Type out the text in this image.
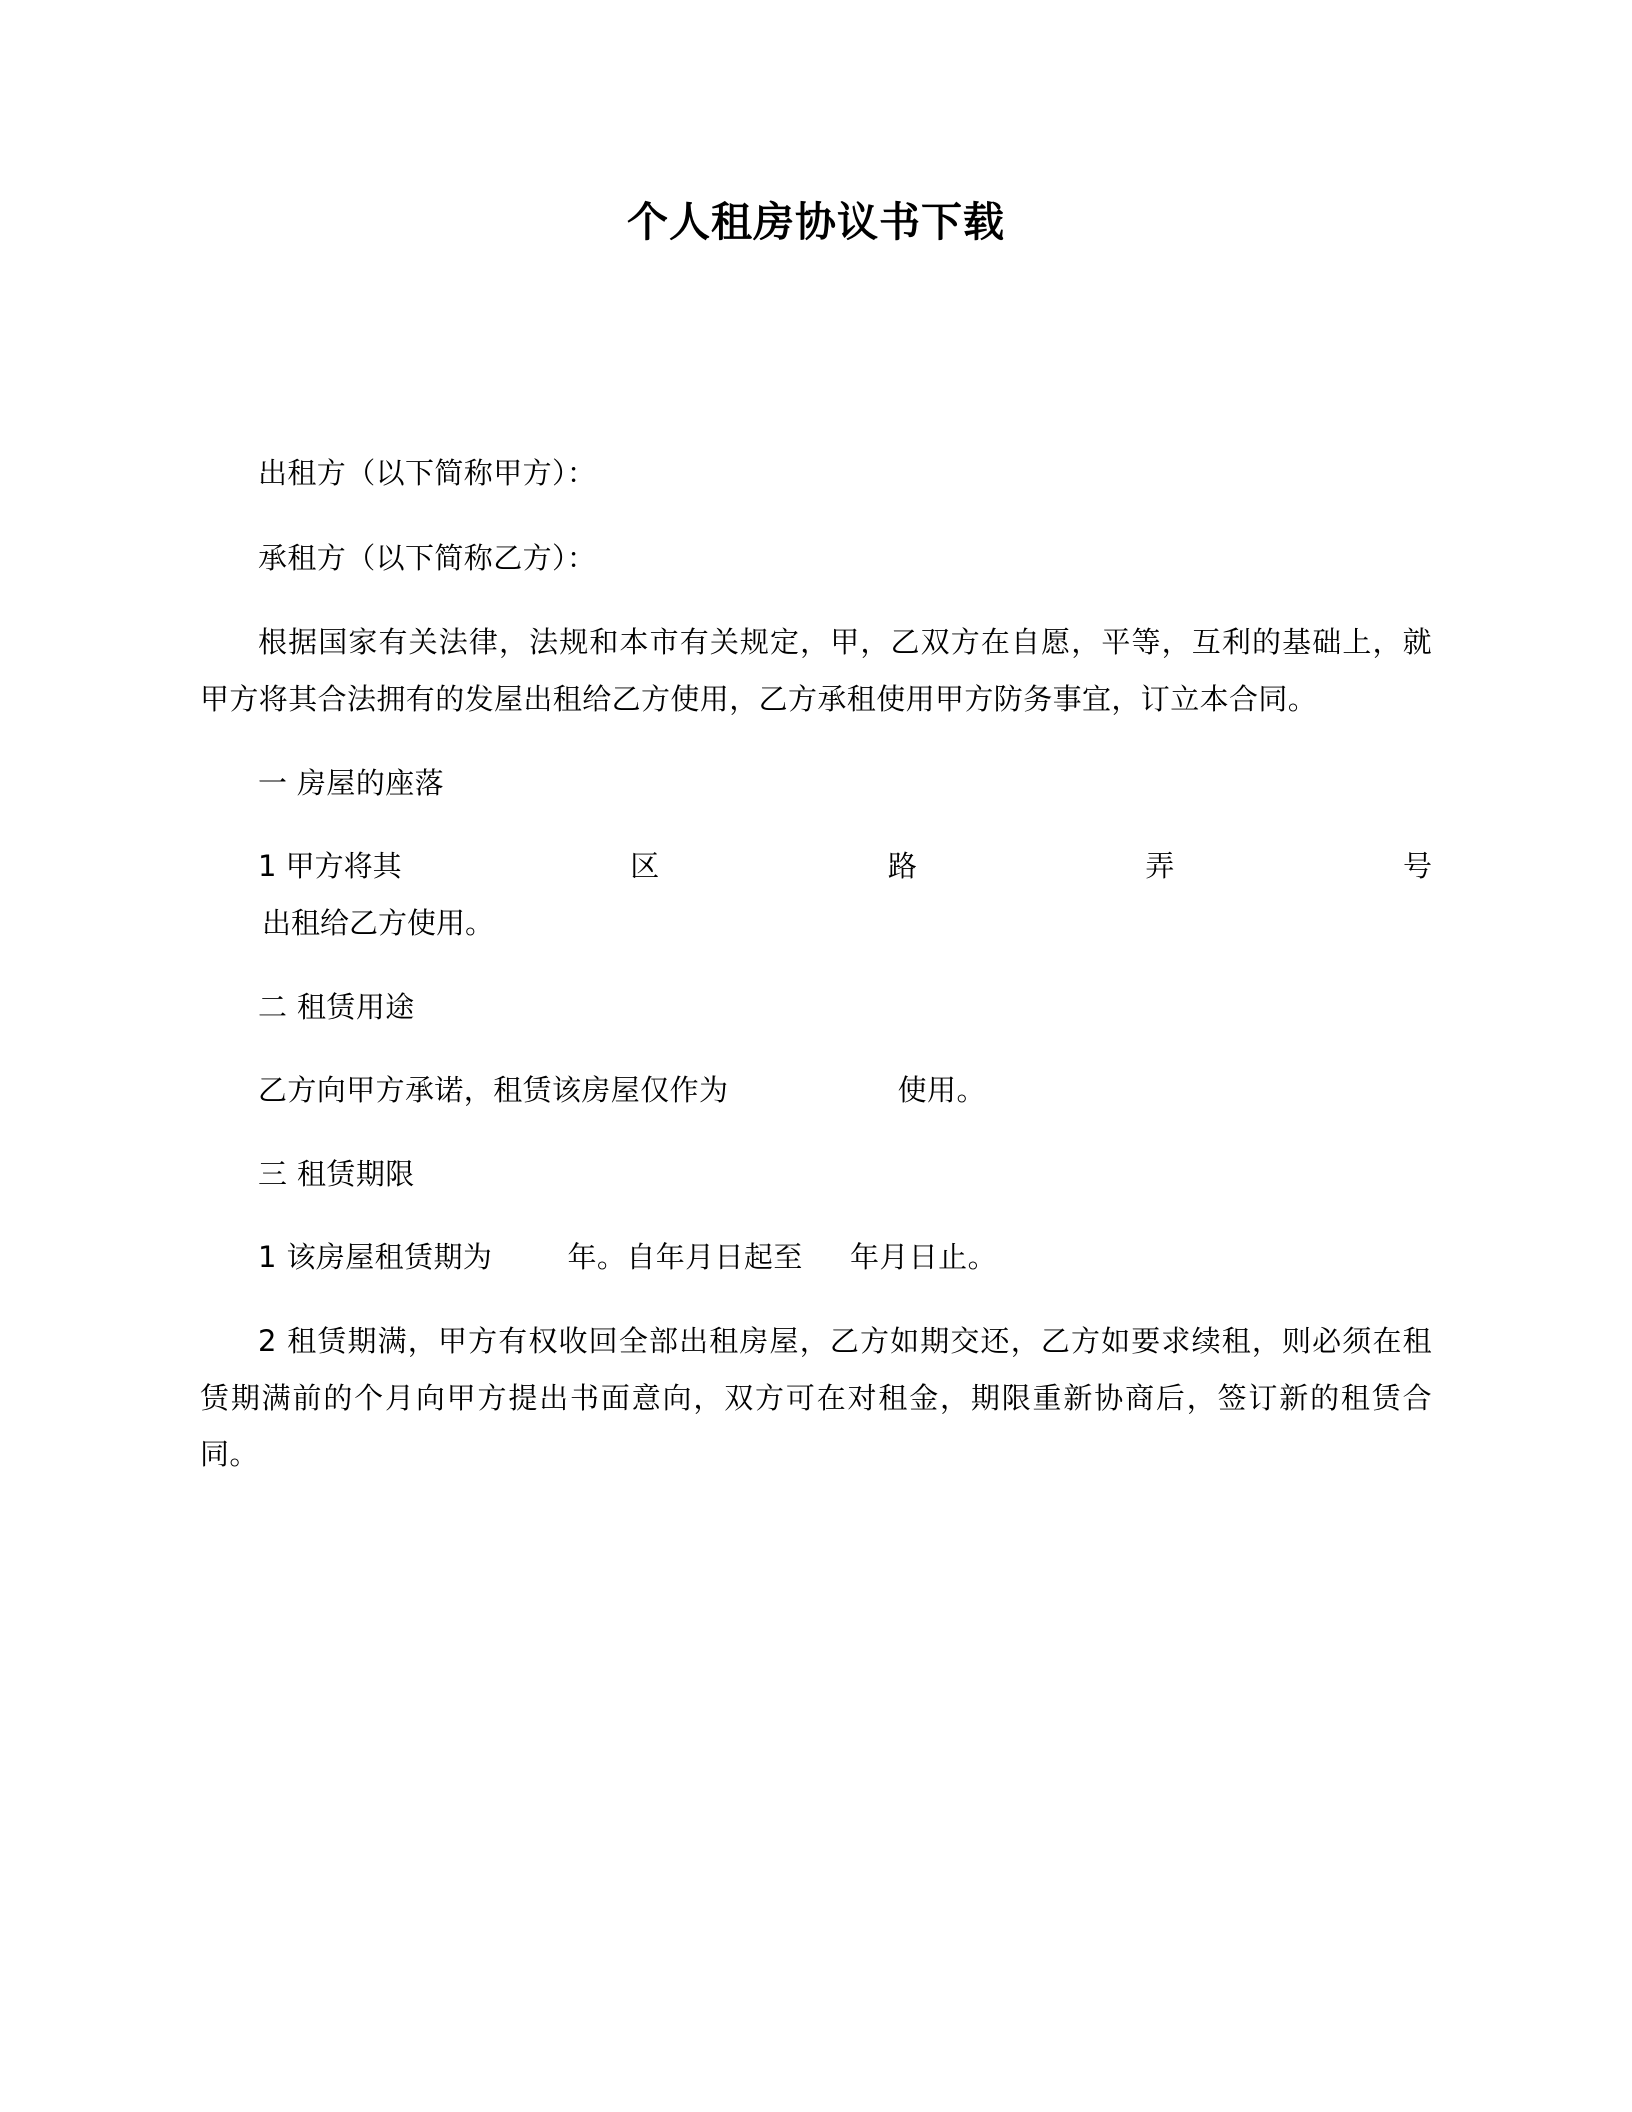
个人租房协议书下载

出租方（以下简称甲方）：

承租方（以下简称乙方）：

根据国家有关法律，法规和本市有关规定，甲，乙双方在自愿，平等，互利的基础上，就甲方将其合法拥有的发屋出租给乙方使用，乙方承租使用甲方防务事宜，订立本合同。

一 房屋的座落

1 甲方将其	区	路	弄	号

出租给乙方使用。

二 租赁用途

乙方向甲方承诺，租赁该房屋仅作为	使用。

三 租赁期限

1 该房屋租赁期为	年。自年月日起至 年月日止。

2 租赁期满，甲方有权收回全部出租房屋，乙方如期交还，乙方如要求续租，则必须在租赁期满前的个月向甲方提出书面意向，双方可在对租金，期限重新协商后，签订新的租赁合同。
